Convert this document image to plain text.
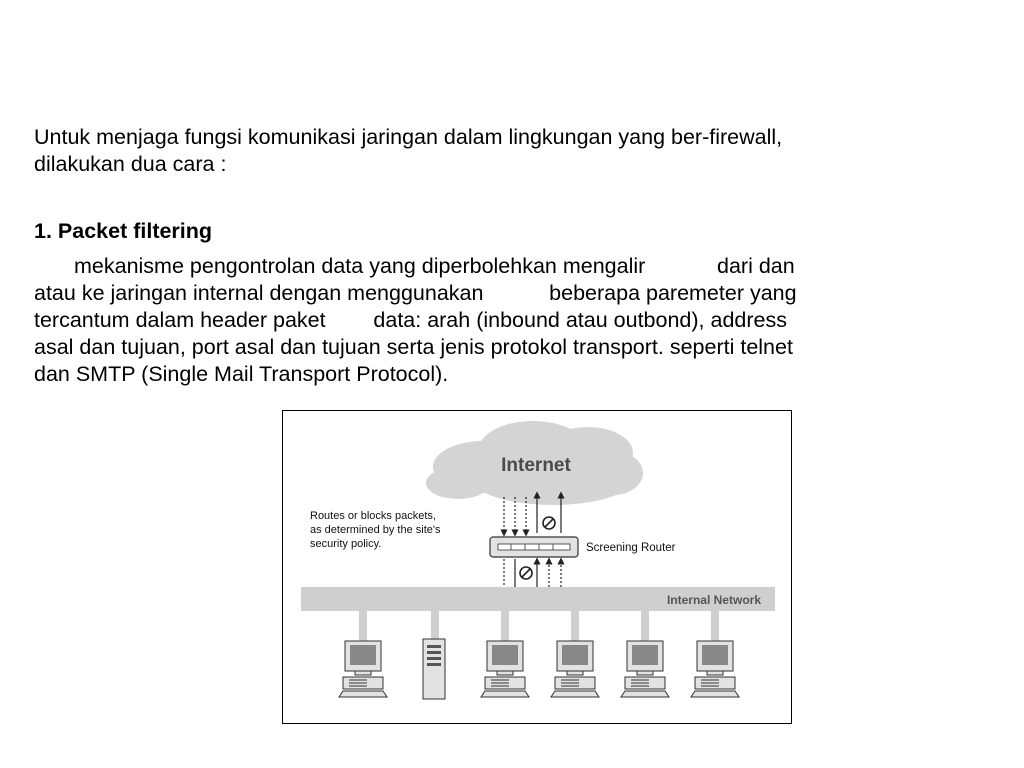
Untuk menjaga fungsi komunikasi jaringan dalam lingkungan yang ber-firewall,
dilakukan dua cara :

1. Packet filtering

mekanisme pengontrolan data yang diperbolehkan mengalir            dari dan
atau ke jaringan internal dengan menggunakan           beberapa paremeter yang
tercantum dalam header paket        data: arah (inbound atau outbond), address
asal dan tujuan, port asal dan tujuan serta jenis protokol transport. seperti telnet
dan SMTP (Single Mail Transport Protocol).

Internet
Routes or blocks packets,
as determined by the site's
security policy.	Screening Router
Internal Network
